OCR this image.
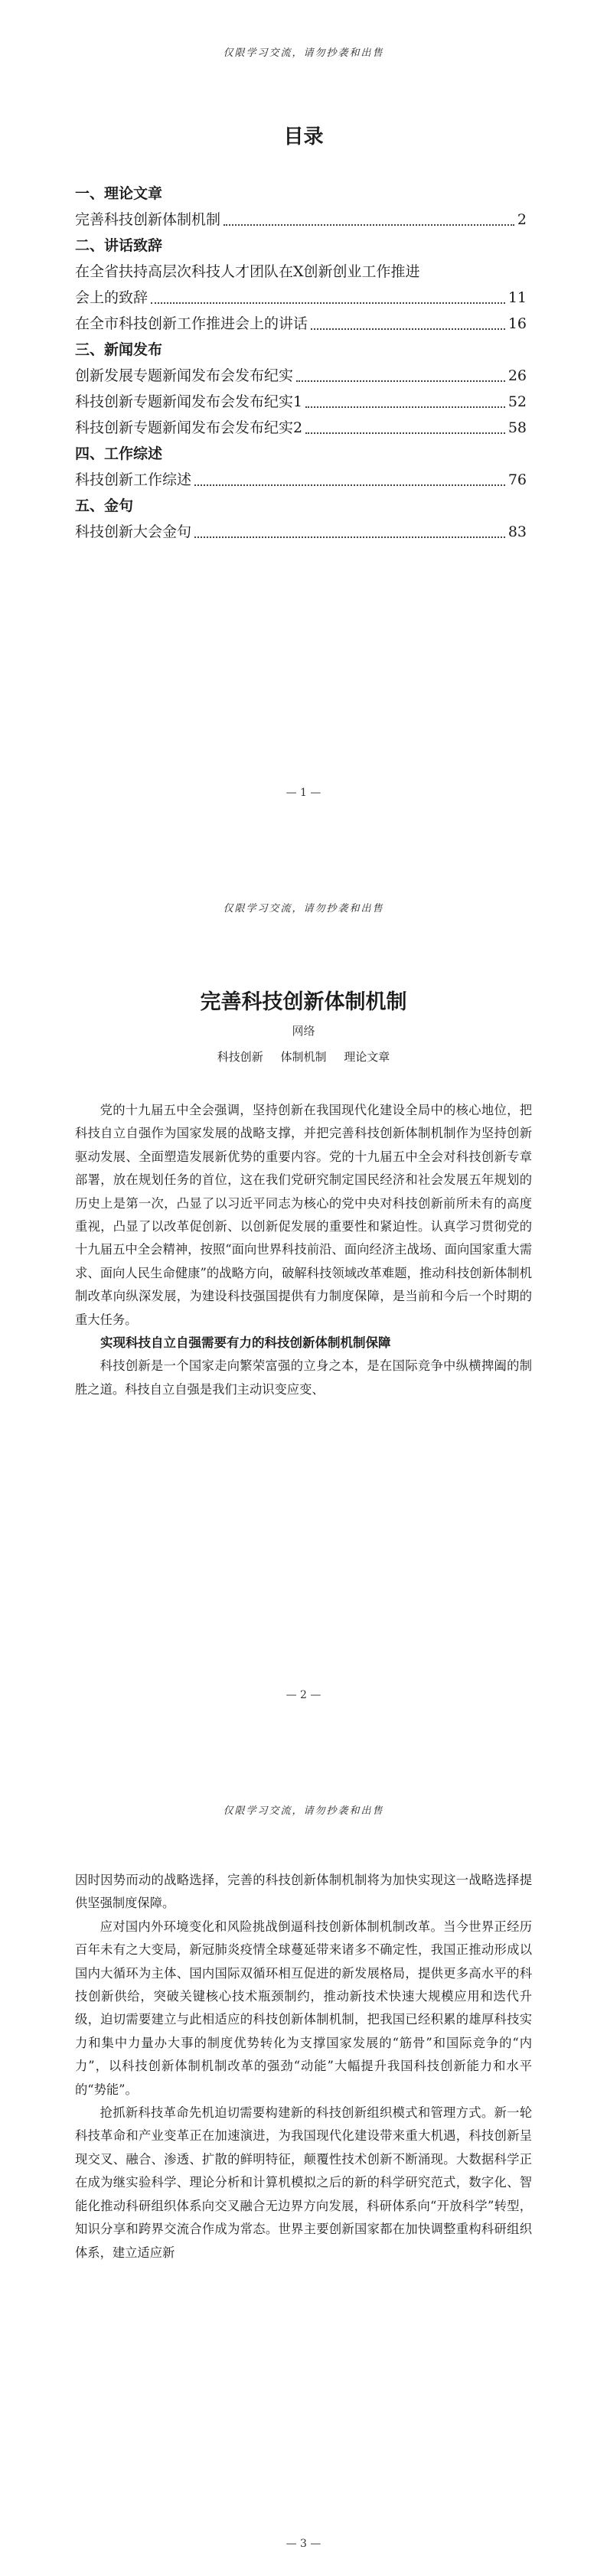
仅限学习交流，请勿抄袭和出售
目录
一、理论文章
完善科技创新体制机制	2
二、讲话致辞
在全省扶持高层次科技人才团队在X创新创业工作推进
会上的致辞	11
在全市科技创新工作推进会上的讲话	16
三、新闻发布
创新发展专题新闻发布会发布纪实	26
科技创新专题新闻发布会发布纪实1	52
科技创新专题新闻发布会发布纪实2	58
四、工作综述
科技创新工作综述	76
五、金句
科技创新大会金句	83
— 1 —
仅限学习交流，请勿抄袭和出售
完善科技创新体制机制
网络
科技创新 体制机制 理论文章

党的十九届五中全会强调，坚持创新在我国现代化建设全局中的核心地位，把科技自立自强作为国家发展的战略支撑，并把完善科技创新体制机制作为坚持创新驱动发展、全面塑造发展新优势的重要内容。党的十九届五中全会对科技创新专章部署，放在规划任务的首位，这在我们党研究制定国民经济和社会发展五年规划的历史上是第一次，凸显了以习近平同志为核心的党中央对科技创新前所未有的高度重视，凸显了以改革促创新、以创新促发展的重要性和紧迫性。认真学习贯彻党的十九届五中全会精神，按照“面向世界科技前沿、面向经济主战场、面向国家重大需求、面向人民生命健康”的战略方向，破解科技领域改革难题，推动科技创新体制机制改革向纵深发展，为建设科技强国提供有力制度保障，是当前和今后一个时期的重大任务。

实现科技自立自强需要有力的科技创新体制机制保障

科技创新是一个国家走向繁荣富强的立身之本，是在国际竞争中纵横捭阖的制胜之道。科技自立自强是我们主动识变应变、

— 2 —
仅限学习交流，请勿抄袭和出售

因时因势而动的战略选择，完善的科技创新体制机制将为加快实现这一战略选择提供坚强制度保障。

应对国内外环境变化和风险挑战倒逼科技创新体制机制改革。当今世界正经历百年未有之大变局，新冠肺炎疫情全球蔓延带来诸多不确定性，我国正推动形成以国内大循环为主体、国内国际双循环相互促进的新发展格局，提供更多高水平的科技创新供给，突破关键核心技术瓶颈制约，推动新技术快速大规模应用和迭代升级，迫切需要建立与此相适应的科技创新体制机制，把我国已经积累的雄厚科技实力和集中力量办大事的制度优势转化为支撑国家发展的“筋骨”和国际竞争的“内力”，以科技创新体制机制改革的强劲“动能”大幅提升我国科技创新能力和水平的“势能”。

抢抓新科技革命先机迫切需要构建新的科技创新组织模式和管理方式。新一轮科技革命和产业变革正在加速演进，为我国现代化建设带来重大机遇，科技创新呈现交叉、融合、渗透、扩散的鲜明特征，颠覆性技术创新不断涌现。大数据科学正在成为继实验科学、理论分析和计算机模拟之后的新的科学研究范式，数字化、智能化推动科研组织体系向交叉融合无边界方向发展，科研体系向“开放科学”转型，知识分享和跨界交流合作成为常态。世界主要创新国家都在加快调整重构科研组织体系，建立适应新

— 3 —
